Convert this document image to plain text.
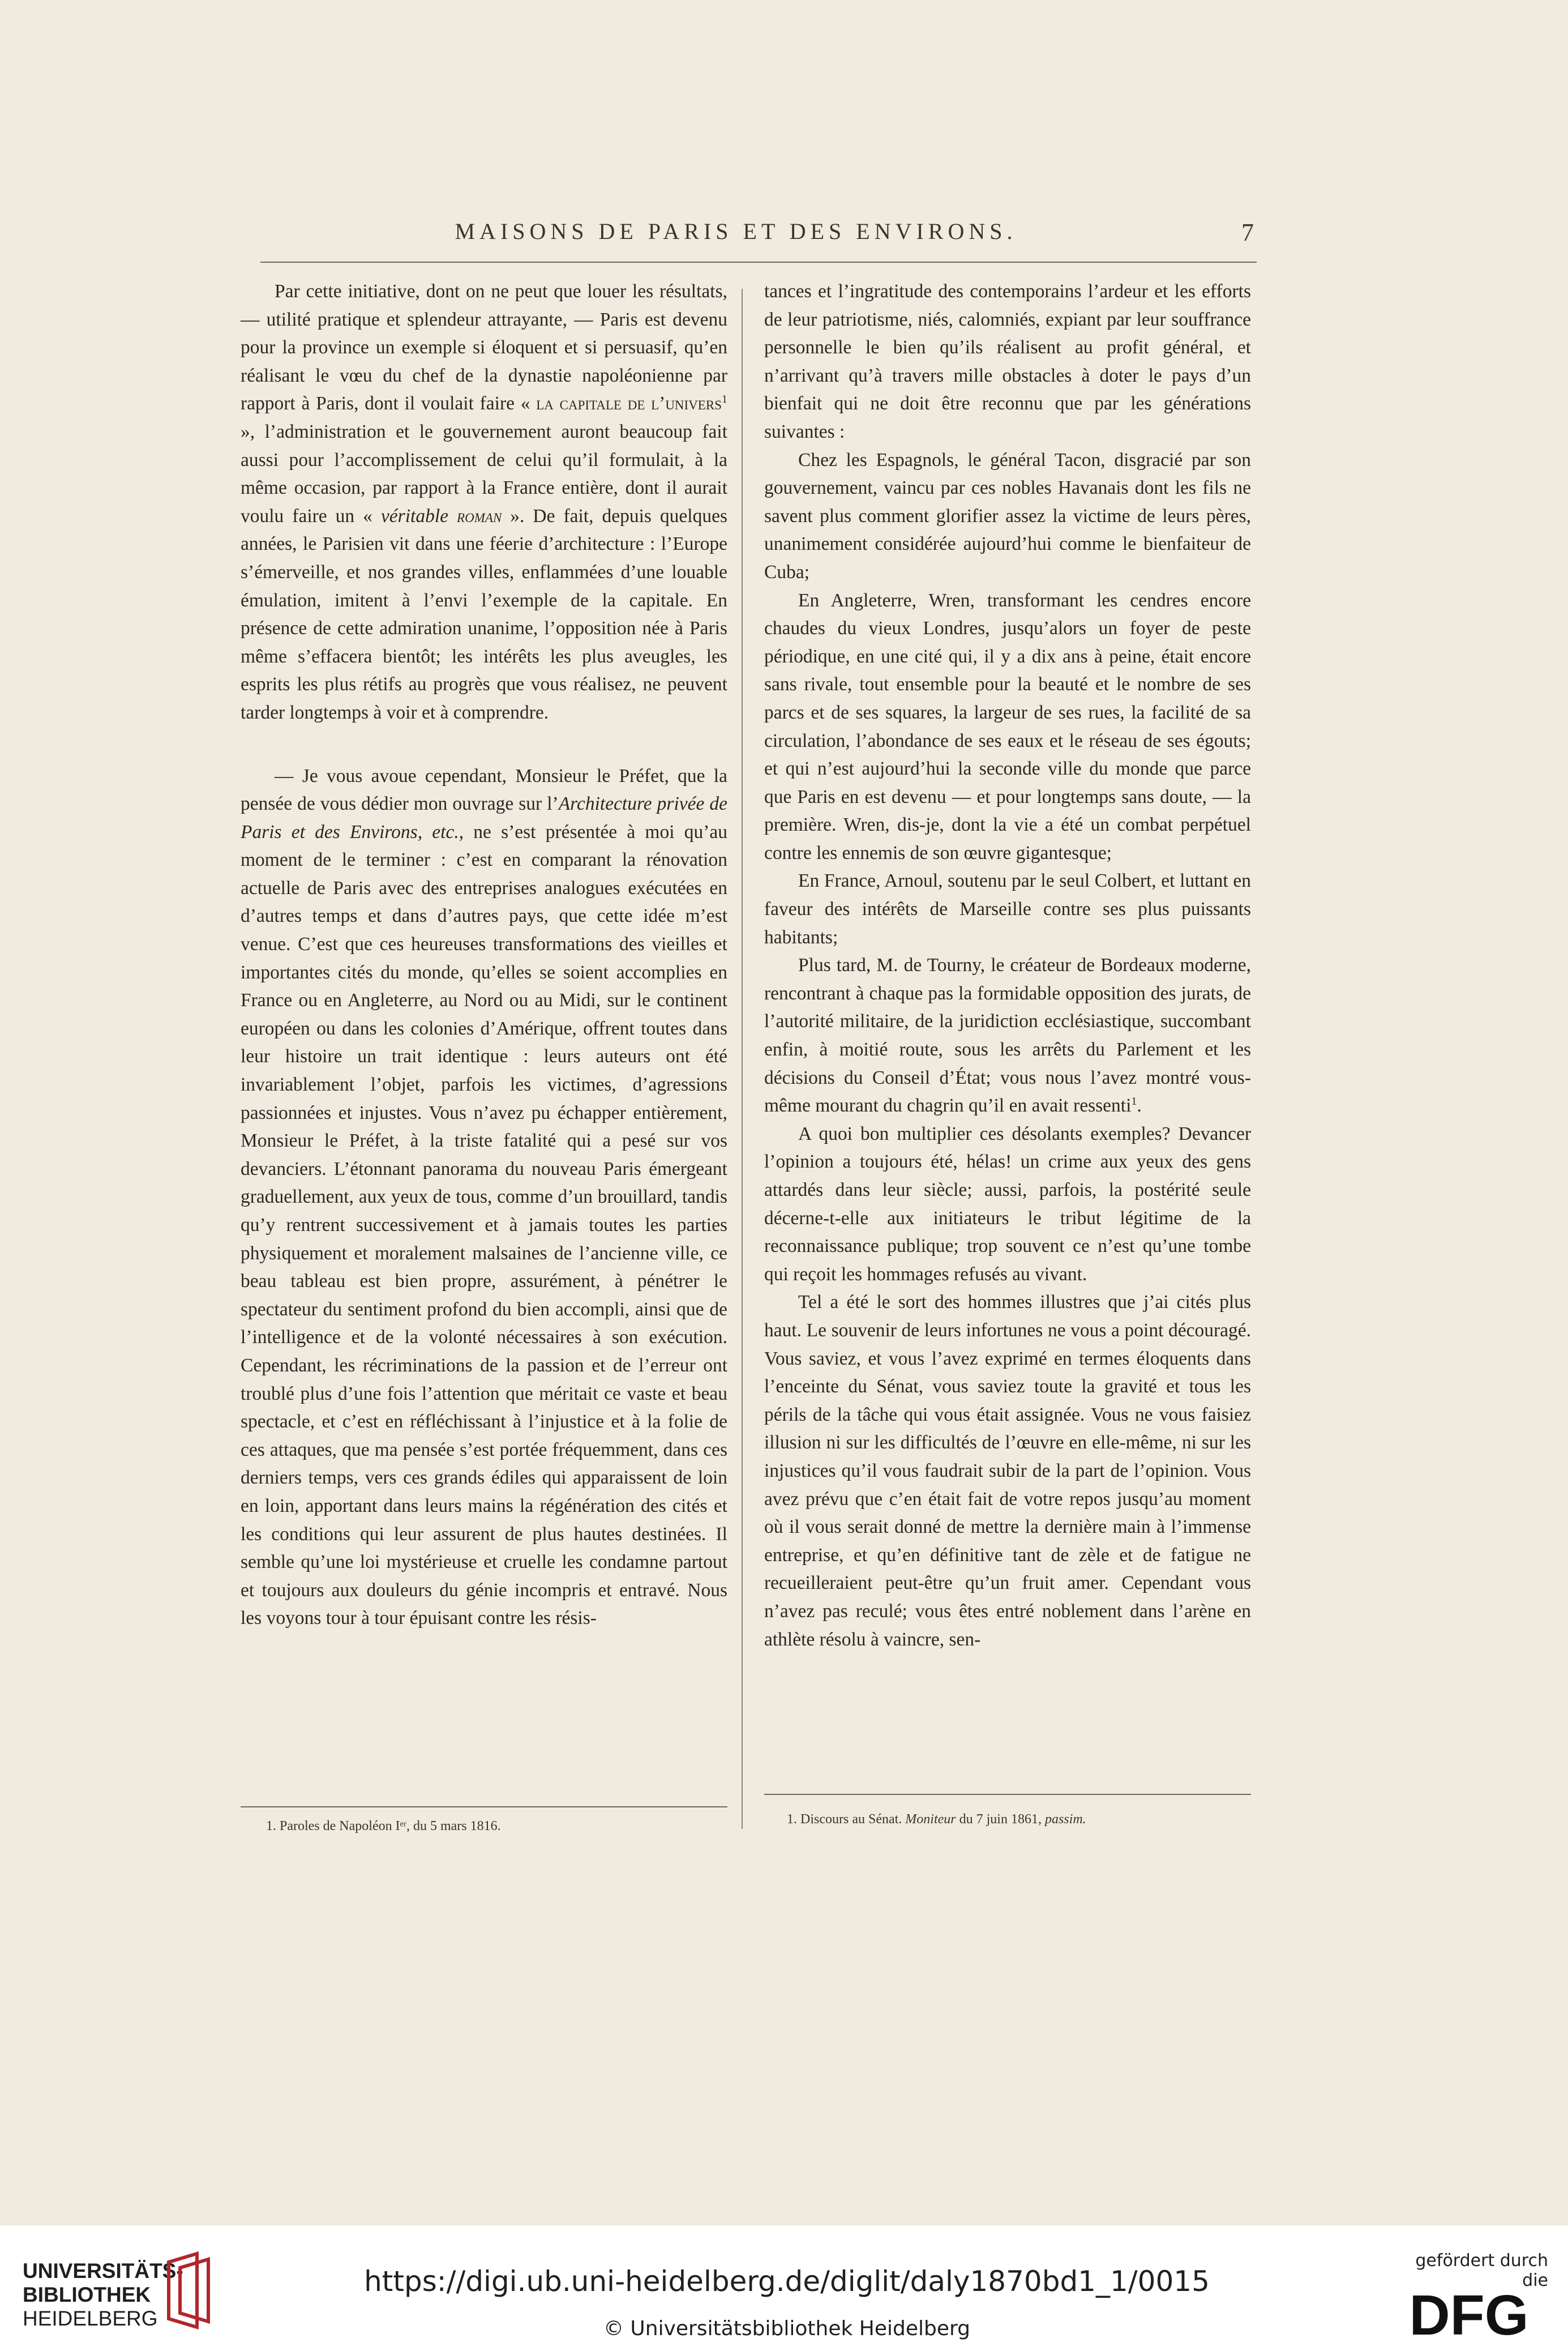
MAISONS DE PARIS ET DES ENVIRONS.	7

Par cette initiative, dont on ne peut que louer les résultats, — utilité pratique et splendeur attrayante, — Paris est devenu pour la province un exemple si éloquent et si persuasif, qu’en réalisant le vœu du chef de la dynastie napoléonienne par rapport à Paris, dont il voulait faire « la capitale de l’univers$^1$ », l’administration et le gouvernement auront beaucoup fait aussi pour l’accomplissement de celui qu’il formulait, à la même occasion, par rapport à la France entière, dont il aurait voulu faire un « véritable roman ». De fait, depuis quelques années, le Parisien vit dans une féerie d’architecture : l’Europe s’émerveille, et nos grandes villes, enflammées d’une louable émulation, imitent à l’envi l’exemple de la capitale. En présence de cette admiration unanime, l’opposition née à Paris même s’effacera bientôt; les intérêts les plus aveugles, les esprits les plus rétifs au progrès que vous réalisez, ne peuvent tarder longtemps à voir et à comprendre.

— Je vous avoue cependant, Monsieur le Préfet, que la pensée de vous dédier mon ouvrage sur l’Architecture privée de Paris et des Environs, etc., ne s’est présentée à moi qu’au moment de le terminer : c’est en comparant la rénovation actuelle de Paris avec des entreprises analogues exécutées en d’autres temps et dans d’autres pays, que cette idée m’est venue. C’est que ces heureuses transformations des vieilles et importantes cités du monde, qu’elles se soient accomplies en France ou en Angleterre, au Nord ou au Midi, sur le continent européen ou dans les colonies d’Amérique, offrent toutes dans leur histoire un trait identique : leurs auteurs ont été invariablement l’objet, parfois les victimes, d’agressions passionnées et injustes. Vous n’avez pu échapper entièrement, Monsieur le Préfet, à la triste fatalité qui a pesé sur vos devanciers. L’étonnant panorama du nouveau Paris émergeant graduellement, aux yeux de tous, comme d’un brouillard, tandis qu’y rentrent successivement et à jamais toutes les parties physiquement et moralement malsaines de l’ancienne ville, ce beau tableau est bien propre, assurément, à pénétrer le spectateur du sentiment profond du bien accompli, ainsi que de l’intelligence et de la volonté nécessaires à son exécution. Cependant, les récriminations de la passion et de l’erreur ont troublé plus d’une fois l’attention que méritait ce vaste et beau spectacle, et c’est en réfléchissant à l’injustice et à la folie de ces attaques, que ma pensée s’est portée fréquemment, dans ces derniers temps, vers ces grands édiles qui apparaissent de loin en loin, apportant dans leurs mains la régénération des cités et les conditions qui leur assurent de plus hautes destinées. Il semble qu’une loi mystérieuse et cruelle les condamne partout et toujours aux douleurs du génie incompris et entravé. Nous les voyons tour à tour épuisant contre les résis-

tances et l’ingratitude des contemporains l’ardeur et les efforts de leur patriotisme, niés, calomniés, expiant par leur souffrance personnelle le bien qu’ils réalisent au profit général, et n’arrivant qu’à travers mille obstacles à doter le pays d’un bienfait qui ne doit être reconnu que par les générations suivantes :

Chez les Espagnols, le général Tacon, disgracié par son gouvernement, vaincu par ces nobles Havanais dont les fils ne savent plus comment glorifier assez la victime de leurs pères, unanimement considérée aujourd’hui comme le bienfaiteur de Cuba;

En Angleterre, Wren, transformant les cendres encore chaudes du vieux Londres, jusqu’alors un foyer de peste périodique, en une cité qui, il y a dix ans à peine, était encore sans rivale, tout ensemble pour la beauté et le nombre de ses parcs et de ses squares, la largeur de ses rues, la facilité de sa circulation, l’abondance de ses eaux et le réseau de ses égouts; et qui n’est aujourd’hui la seconde ville du monde que parce que Paris en est devenu — et pour longtemps sans doute, — la première. Wren, dis-je, dont la vie a été un combat perpétuel contre les ennemis de son œuvre gigantesque;

En France, Arnoul, soutenu par le seul Colbert, et luttant en faveur des intérêts de Marseille contre ses plus puissants habitants;

Plus tard, M. de Tourny, le créateur de Bordeaux moderne, rencontrant à chaque pas la formidable opposition des jurats, de l’autorité militaire, de la juridiction ecclésiastique, succombant enfin, à moitié route, sous les arrêts du Parlement et les décisions du Conseil d’État; vous nous l’avez montré vous-même mourant du chagrin qu’il en avait ressenti$^1$.

A quoi bon multiplier ces désolants exemples? Devancer l’opinion a toujours été, hélas! un crime aux yeux des gens attardés dans leur siècle; aussi, parfois, la postérité seule décerne-t-elle aux initiateurs le tribut légitime de la reconnaissance publique; trop souvent ce n’est qu’une tombe qui reçoit les hommages refusés au vivant.

Tel a été le sort des hommes illustres que j’ai cités plus haut. Le souvenir de leurs infortunes ne vous a point découragé. Vous saviez, et vous l’avez exprimé en termes éloquents dans l’enceinte du Sénat, vous saviez toute la gravité et tous les périls de la tâche qui vous était assignée. Vous ne vous faisiez illusion ni sur les difficultés de l’œuvre en elle-même, ni sur les injustices qu’il vous faudrait subir de la part de l’opinion. Vous avez prévu que c’en était fait de votre repos jusqu’au moment où il vous serait donné de mettre la dernière main à l’immense entreprise, et qu’en définitive tant de zèle et de fatigue ne recueilleraient peut-être qu’un fruit amer. Cependant vous n’avez pas reculé; vous êtes entré noblement dans l’arène en athlète résolu à vaincre, sen-

1. Paroles de Napoléon Iᵉʳ, du 5 mars 1816.	1. Discours au Sénat. Moniteur du 7 juin 1861, passim.
UNIVERSITÄTS-
BIBLIOTHEK
HEIDELBERG
https://digi.ub.uni-heidelberg.de/diglit/daly1870bd1_1/0015
© Universitätsbibliothek Heidelberg
gefördert durch die
DFG
